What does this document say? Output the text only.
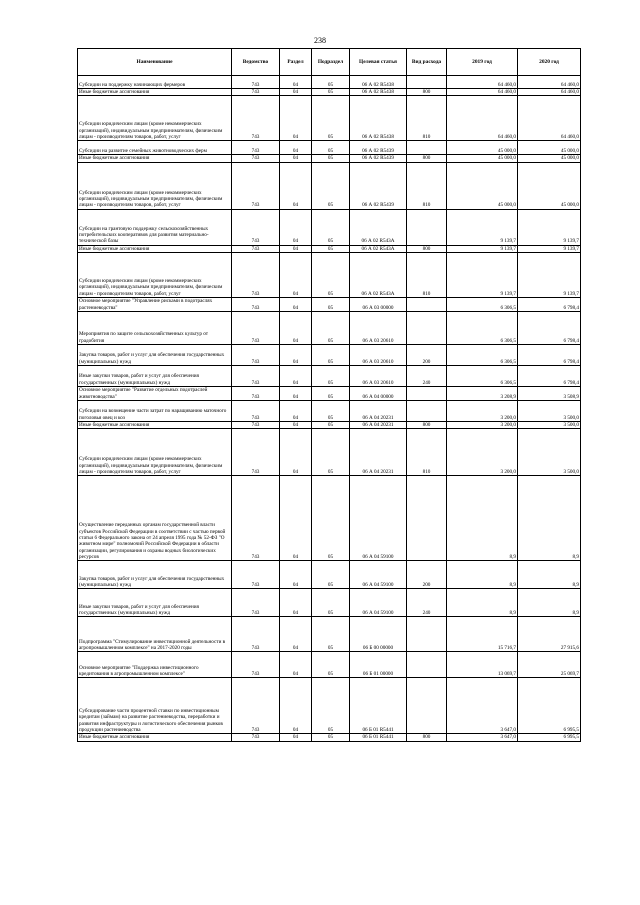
238
Наименование	Ведомство	Раздел	Подраздел	Целевая статья	Вид расхода	2019 год	2020 год
Субсидии на поддержку начинающих фермеров	743	04	05	06 А 02 R5438		64 460,0	64 460,0
Иные бюджетные ассигнования	743	04	05	06 А 02 R5438	800	64 460,0	64 460,0
Субсидии юридическим лицам (кроме некоммерческих организаций), индивидуальным предпринимателям, физическим лицам - производителям товаров, работ, услуг	743	04	05	06 А 02 R5438	810	64 460,0	64 460,0
Субсидии на развитие семейных животноводческих ферм	743	04	05	06 А 02 R5439		45 000,0	45 000,0
Иные бюджетные ассигнования	743	04	05	06 А 02 R5439	800	45 000,0	45 000,0
Субсидии юридическим лицам (кроме некоммерческих организаций), индивидуальным предпринимателям, физическим лицам - производителям товаров, работ, услуг	743	04	05	06 А 02 R5439	810	45 000,0	45 000,0
Субсидии на грантовую поддержку сельскохозяйственных потребительских кооперативов для развития материально-технической базы	743	04	05	06 А 02 R543А		9 139,7	9 139,7
Иные бюджетные ассигнования	743	04	05	06 А 02 R543А	800	9 139,7	9 139,7
Субсидии юридическим лицам (кроме некоммерческих организаций), индивидуальным предпринимателям, физическим лицам - производителям товаров, работ, услуг	743	04	05	06 А 02 R543А	810	9 139,7	9 139,7
Основное мероприятие "Управление рисками в подотраслях растениеводства"	743	04	05	06 А 03 00000		6 306,5	6 798,4
Мероприятия по защите сельскохозяйственных культур от градобития	743	04	05	06 А 03 20610		6 306,5	6 798,4
Закупка товаров, работ и услуг для обеспечения государственных (муниципальных) нужд	743	04	05	06 А 03 20610	200	6 306,5	6 798,4
Иные закупки товаров, работ и услуг для обеспечения государственных (муниципальных) нужд	743	04	05	06 А 03 20610	240	6 306,5	6 798,4
Основное мероприятие "Развитие отдельных подотраслей животноводства"	743	04	05	06 А 04 00000		3 208,9	3 508,9
Субсидии на возмещение части затрат по наращиванию маточного поголовья овец и коз	743	04	05	06 А 04 20231		3 200,0	3 500,0
Иные бюджетные ассигнования	743	04	05	06 А 04 20231	800	3 200,0	3 500,0
Субсидии юридическим лицам (кроме некоммерческих организаций), индивидуальным предпринимателям, физическим лицам - производителям товаров, работ, услуг	743	04	05	06 А 04 20231	810	3 200,0	3 500,0
Осуществление переданных органам государственной власти субъектов Российской Федерации в соответствии с частью первой статьи 6 Федерального закона от 24 апреля 1995 года № 52-ФЗ "О животном мире" полномочий Российской Федерации в области организации, регулирования и охраны водных биологических ресурсов	743	04	05	06 А 04 59100		8,9	8,9
Закупка товаров, работ и услуг для обеспечения государственных (муниципальных) нужд	743	04	05	06 А 04 59100	200	8,9	8,9
Иные закупки товаров, работ и услуг для обеспечения государственных (муниципальных) нужд	743	04	05	06 А 04 59100	240	8,9	8,9
Подпрограмма "Стимулирование инвестиционной деятельности в агропромышленном комплексе" на 2017-2020 годы	743	04	05	06 Б 00 00000		15 716,7	27 915,6
Основное мероприятие "Поддержка инвестиционного кредитования в агропромышленном комплексе"	743	04	05	06 Б 01 00000		13 069,7	25 069,7
Субсидирование части процентной ставки по инвестиционным кредитам (займам) на развитие растениеводства, переработки и развития инфраструктуры и логистического обеспечения рынков продукции растениеводства	743	04	05	06 Б 01 R5441		3 647,0	6 995,5
Иные бюджетные ассигнования	743	04	05	06 Б 01 R5441	800	3 647,0	6 995,5
